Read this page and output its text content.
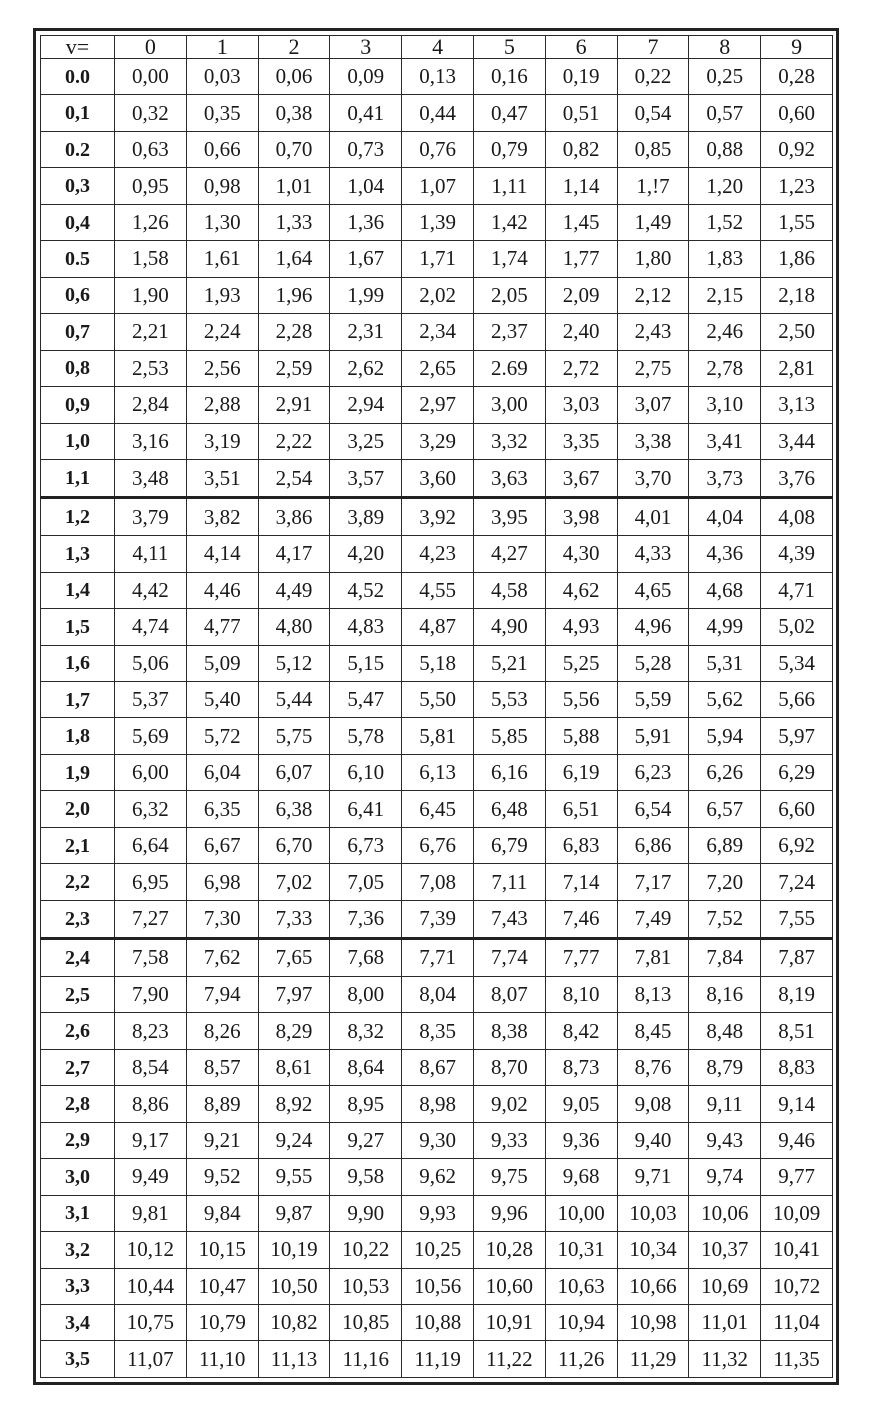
v=	0	1	2	3	4	5	6	7	8	9
0.0	0,00	0,03	0,06	0,09	0,13	0,16	0,19	0,22	0,25	0,28
0,1	0,32	0,35	0,38	0,41	0,44	0,47	0,51	0,54	0,57	0,60
0.2	0,63	0,66	0,70	0,73	0,76	0,79	0,82	0,85	0,88	0,92
0,3	0,95	0,98	1,01	1,04	1,07	1,11	1,14	1,!7	1,20	1,23
0,4	1,26	1,30	1,33	1,36	1,39	1,42	1,45	1,49	1,52	1,55
0.5	1,58	1,61	1,64	1,67	1,71	1,74	1,77	1,80	1,83	1,86
0,6	1,90	1,93	1,96	1,99	2,02	2,05	2,09	2,12	2,15	2,18
0,7	2,21	2,24	2,28	2,31	2,34	2,37	2,40	2,43	2,46	2,50
0,8	2,53	2,56	2,59	2,62	2,65	2.69	2,72	2,75	2,78	2,81
0,9	2,84	2,88	2,91	2,94	2,97	3,00	3,03	3,07	3,10	3,13
1,0	3,16	3,19	2,22	3,25	3,29	3,32	3,35	3,38	3,41	3,44
1,1	3,48	3,51	2,54	3,57	3,60	3,63	3,67	3,70	3,73	3,76
1,2	3,79	3,82	3,86	3,89	3,92	3,95	3,98	4,01	4,04	4,08
1,3	4,11	4,14	4,17	4,20	4,23	4,27	4,30	4,33	4,36	4,39
1,4	4,42	4,46	4,49	4,52	4,55	4,58	4,62	4,65	4,68	4,71
1,5	4,74	4,77	4,80	4,83	4,87	4,90	4,93	4,96	4,99	5,02
1,6	5,06	5,09	5,12	5,15	5,18	5,21	5,25	5,28	5,31	5,34
1,7	5,37	5,40	5,44	5,47	5,50	5,53	5,56	5,59	5,62	5,66
1,8	5,69	5,72	5,75	5,78	5,81	5,85	5,88	5,91	5,94	5,97
1,9	6,00	6,04	6,07	6,10	6,13	6,16	6,19	6,23	6,26	6,29
2,0	6,32	6,35	6,38	6,41	6,45	6,48	6,51	6,54	6,57	6,60
2,1	6,64	6,67	6,70	6,73	6,76	6,79	6,83	6,86	6,89	6,92
2,2	6,95	6,98	7,02	7,05	7,08	7,11	7,14	7,17	7,20	7,24
2,3	7,27	7,30	7,33	7,36	7,39	7,43	7,46	7,49	7,52	7,55
2,4	7,58	7,62	7,65	7,68	7,71	7,74	7,77	7,81	7,84	7,87
2,5	7,90	7,94	7,97	8,00	8,04	8,07	8,10	8,13	8,16	8,19
2,6	8,23	8,26	8,29	8,32	8,35	8,38	8,42	8,45	8,48	8,51
2,7	8,54	8,57	8,61	8,64	8,67	8,70	8,73	8,76	8,79	8,83
2,8	8,86	8,89	8,92	8,95	8,98	9,02	9,05	9,08	9,11	9,14
2,9	9,17	9,21	9,24	9,27	9,30	9,33	9,36	9,40	9,43	9,46
3,0	9,49	9,52	9,55	9,58	9,62	9,75	9,68	9,71	9,74	9,77
3,1	9,81	9,84	9,87	9,90	9,93	9,96	10,00	10,03	10,06	10,09
3,2	10,12	10,15	10,19	10,22	10,25	10,28	10,31	10,34	10,37	10,41
3,3	10,44	10,47	10,50	10,53	10,56	10,60	10,63	10,66	10,69	10,72
3,4	10,75	10,79	10,82	10,85	10,88	10,91	10,94	10,98	11,01	11,04
3,5	11,07	11,10	11,13	11,16	11,19	11,22	11,26	11,29	11,32	11,35
